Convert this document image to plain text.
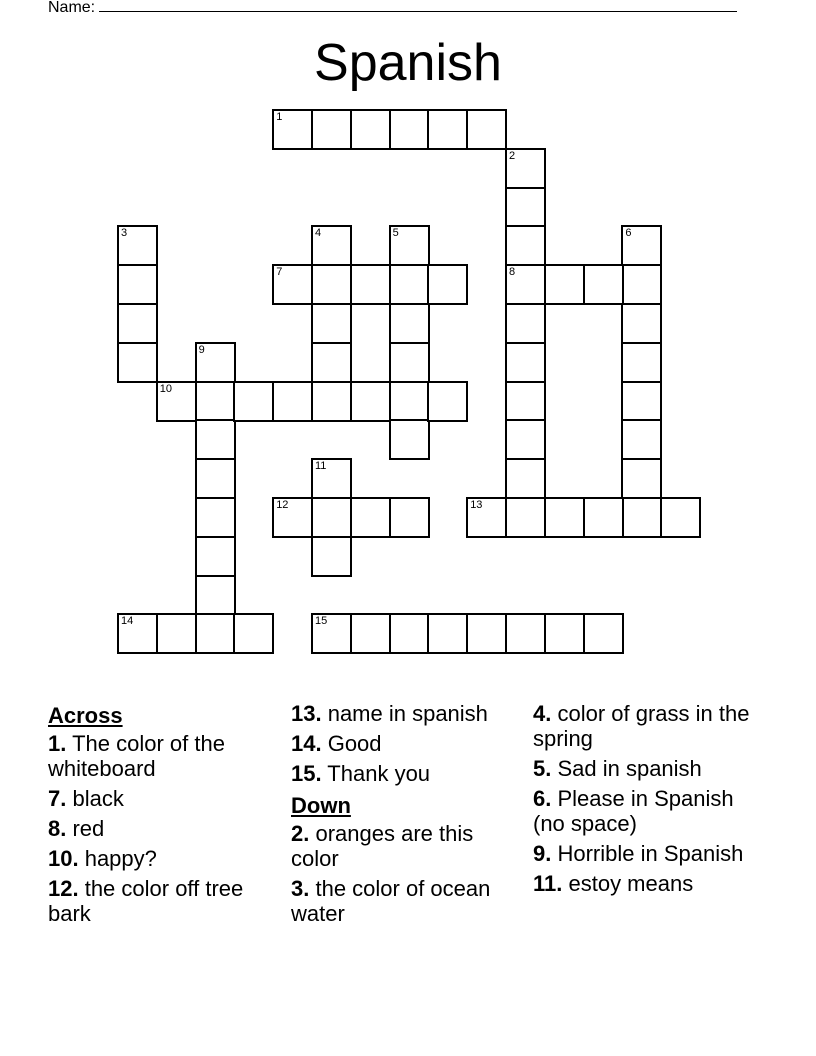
Name:
Spanish
1
2
8
3	4	5	6
7
9
10
11
12	13
14	15
Across
1. The color of the whiteboard
7. black
8. red
10. happy?
12. the color off tree bark
13. name in spanish
14. Good
15. Thank you
Down
2. oranges are this color
3. the color of ocean water
4. color of grass in the spring
5. Sad in spanish
6. Please in Spanish (no space)
9. Horrible in Spanish
11. estoy means
